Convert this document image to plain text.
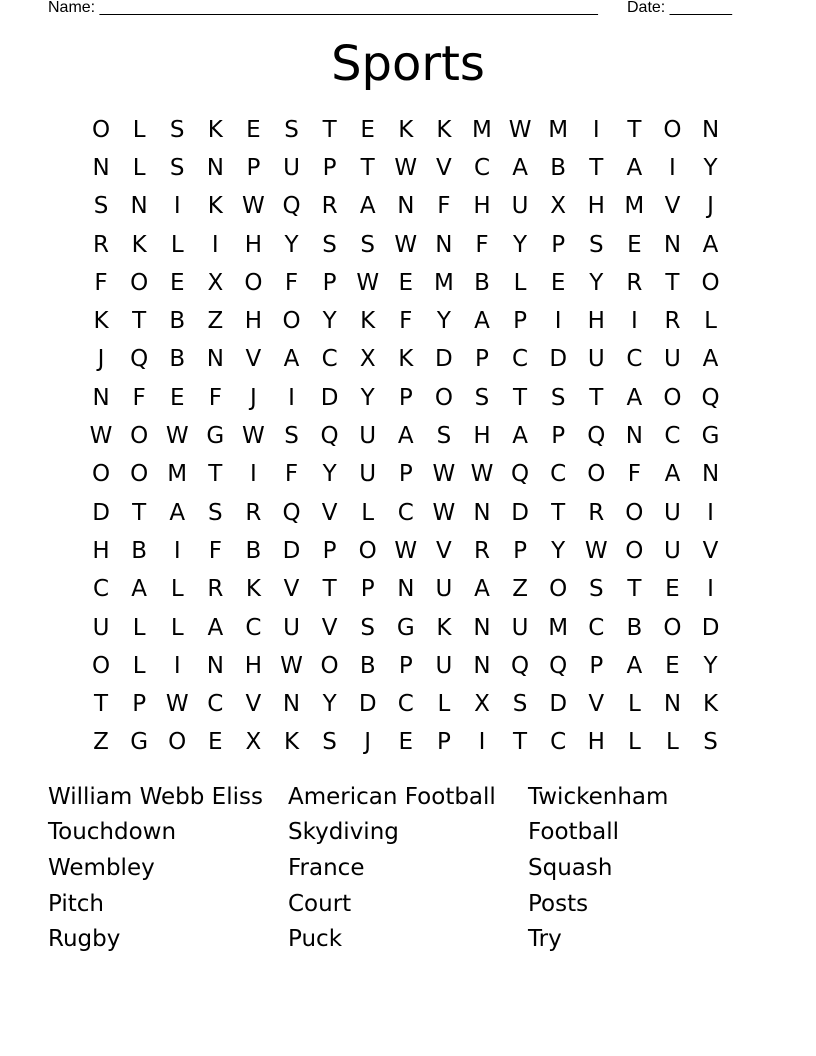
Name: ________________________________________________________ Date: _______
Sports
O L	S	K	E	S	T	E	K	K M W M	I	T O N
N	L	S N P U P	T W V C A B	T	A	I	Y
S N	I	K W Q R A N F H U X H M V	J
R K	L	I	H Y	S	S W N F	Y	P	S	E N A
F O E X O F	P W E M B	L	E	Y	R	T O
K	T	B Z H O Y	K	F	Y	A	P	I	H	I	R	L
J	Q B N V A C X K D P	C D U C U A
N F	E	F	J	I	D Y	P O S	T	S	T	A O Q
W O W G W S Q U A S H A	P Q N C G
O O M T	I	F	Y U P W W Q C O F	A N
D T	A S R Q V	L	C W N D T	R O U	I
H B	I	F	B D P O W V R	P	Y W O U V
C A	L	R K V	T	P N U A Z O S	T	E	I
U	L	L	A C U V S G K N U M C B O D
O L	I	N H W O B	P U N Q Q P	A E	Y
T	P W C V N Y D C	L	X S D V	L	N K
Z G O E X K	S	J	E	P	I	T	C H	L	L	S
William Webb Eliss	American Football	Twickenham
Touchdown	Skydiving	Football
Wembley	France	Squash
Pitch	Court	Posts
Rugby	Puck	Try
